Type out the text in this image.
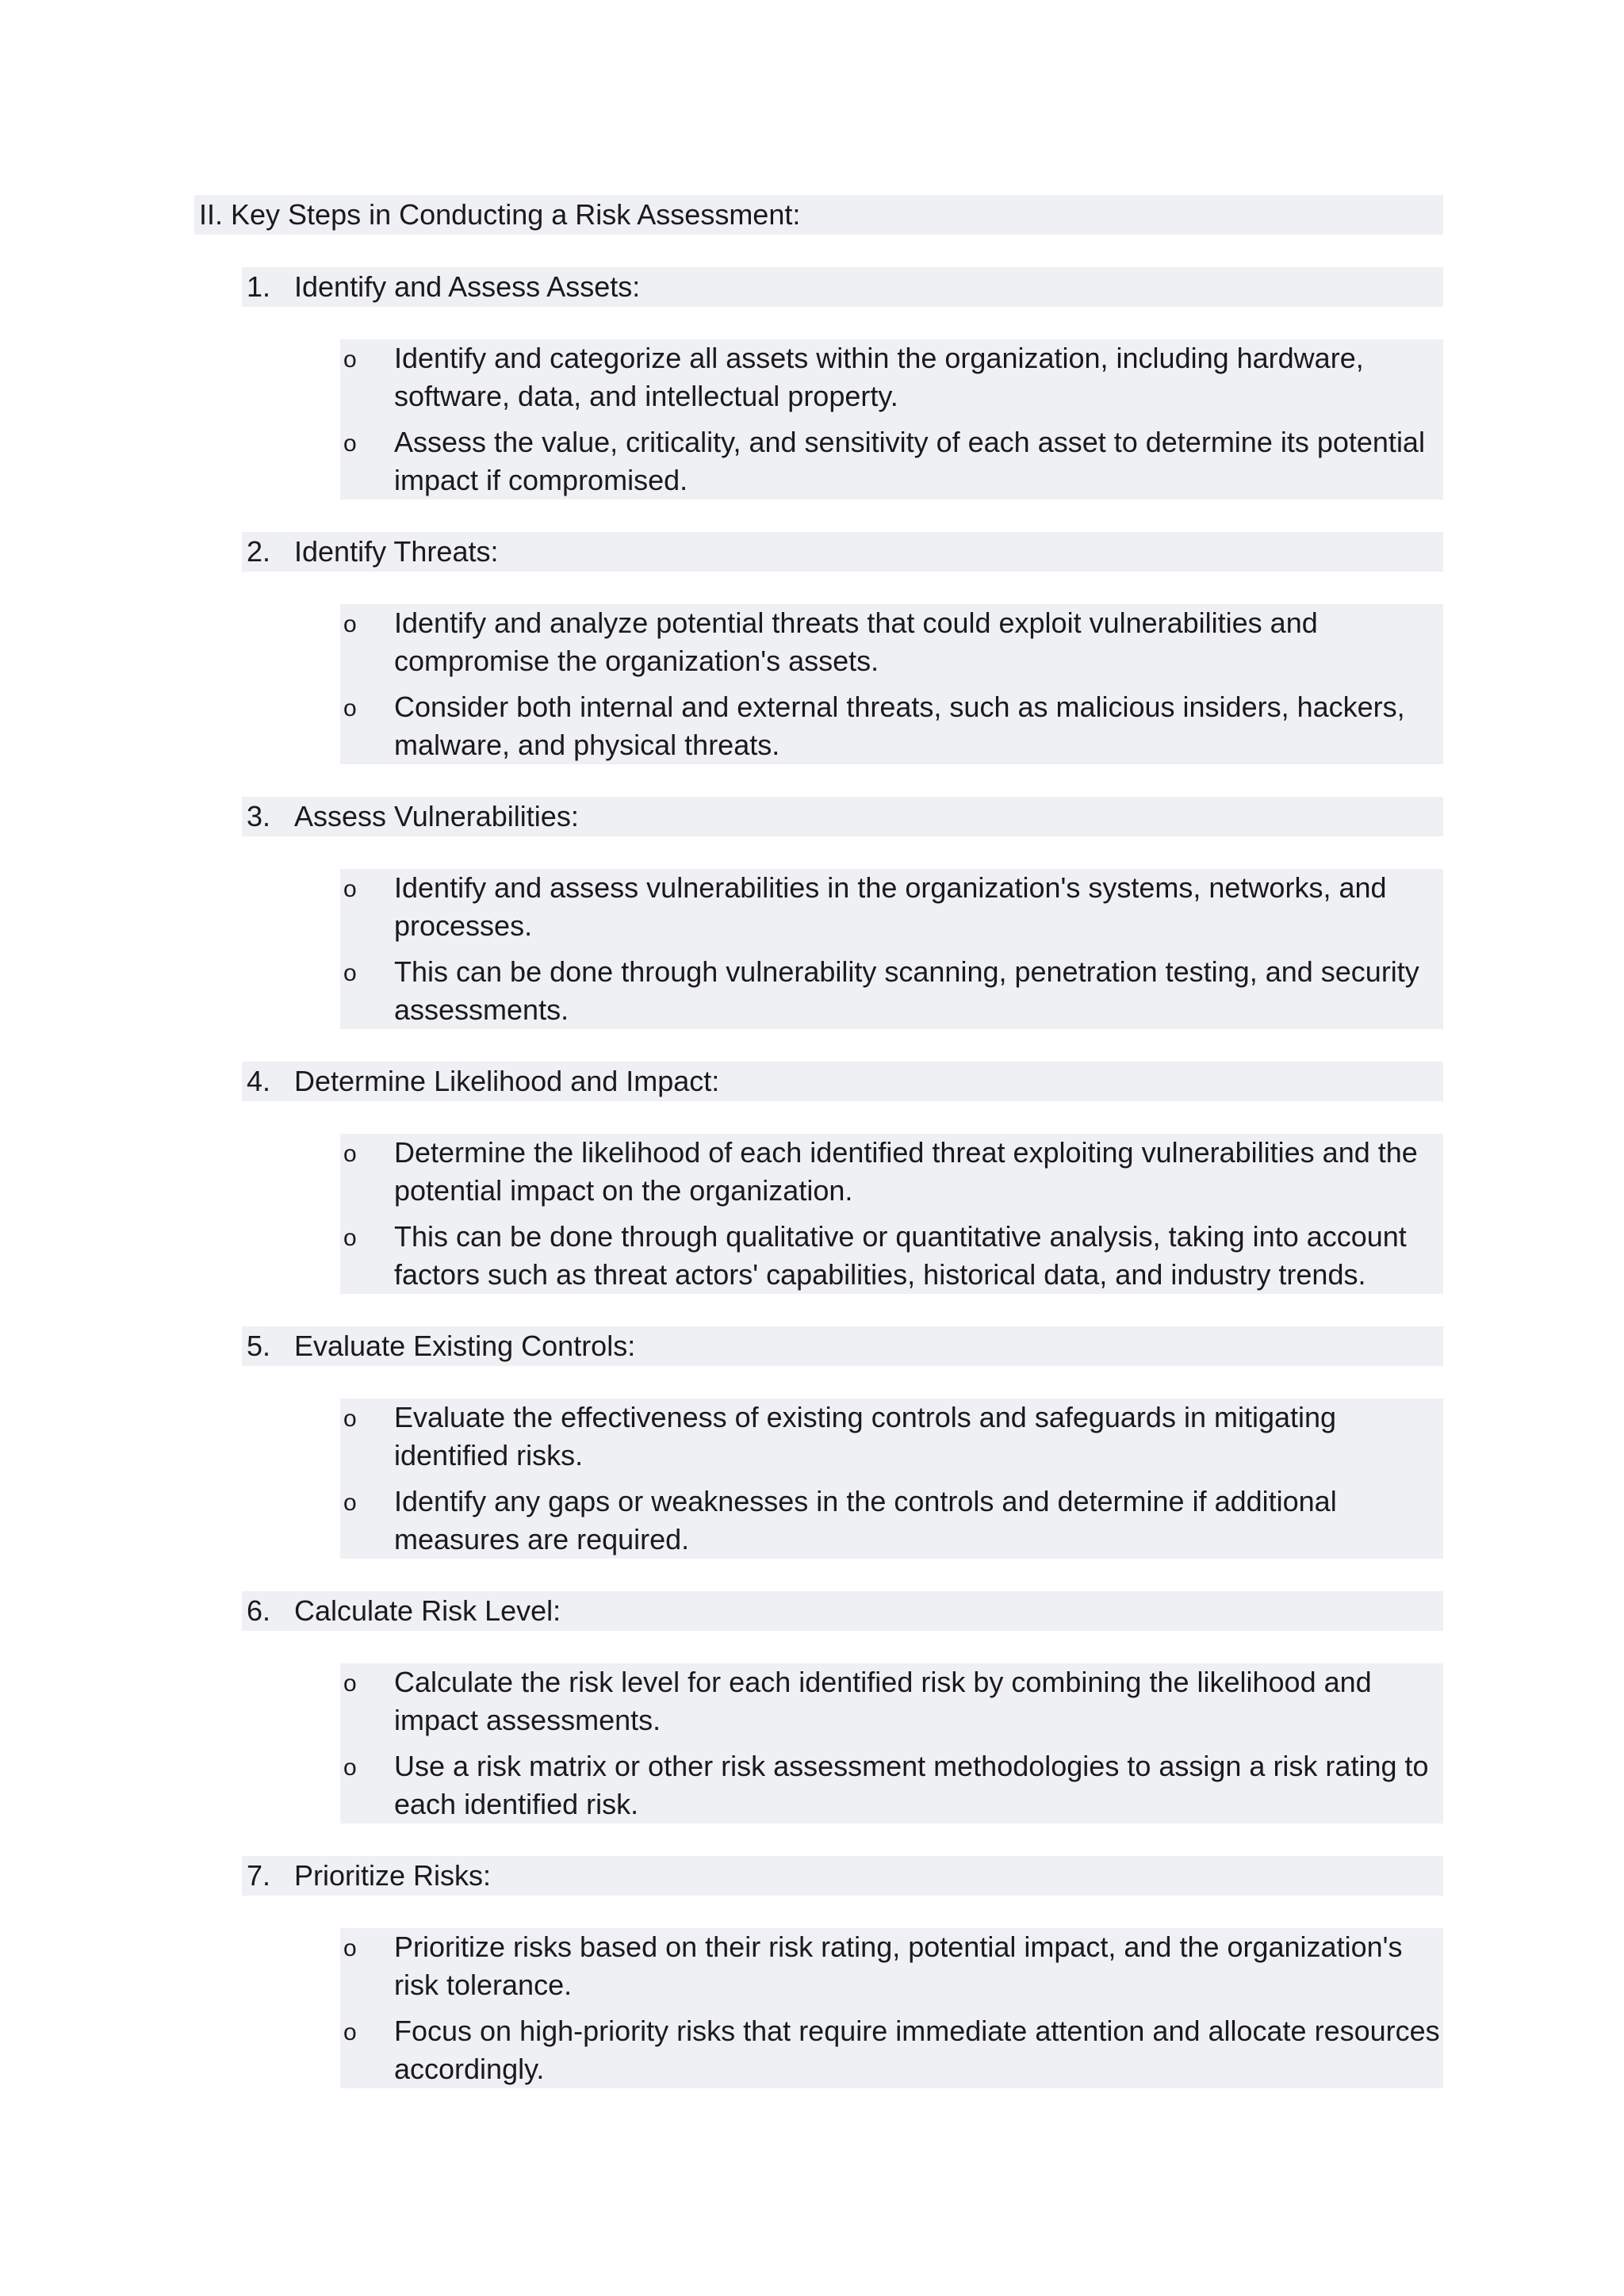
II. Key Steps in Conducting a Risk Assessment:
1. Identify and Assess Assets:
o Identify and categorize all assets within the organization, including hardware, software, data, and intellectual property.
o Assess the value, criticality, and sensitivity of each asset to determine its potential impact if compromised.
2. Identify Threats:
o Identify and analyze potential threats that could exploit vulnerabilities and compromise the organization's assets.
o Consider both internal and external threats, such as malicious insiders, hackers, malware, and physical threats.
3. Assess Vulnerabilities:
o Identify and assess vulnerabilities in the organization's systems, networks, and processes.
o This can be done through vulnerability scanning, penetration testing, and security assessments.
4. Determine Likelihood and Impact:
o Determine the likelihood of each identified threat exploiting vulnerabilities and the potential impact on the organization.
o This can be done through qualitative or quantitative analysis, taking into account factors such as threat actors' capabilities, historical data, and industry trends.
5. Evaluate Existing Controls:
o Evaluate the effectiveness of existing controls and safeguards in mitigating identified risks.
o Identify any gaps or weaknesses in the controls and determine if additional measures are required.
6. Calculate Risk Level:
o Calculate the risk level for each identified risk by combining the likelihood and impact assessments.
o Use a risk matrix or other risk assessment methodologies to assign a risk rating to each identified risk.
7. Prioritize Risks:
o Prioritize risks based on their risk rating, potential impact, and the organization's risk tolerance.
o Focus on high-priority risks that require immediate attention and allocate resources accordingly.
